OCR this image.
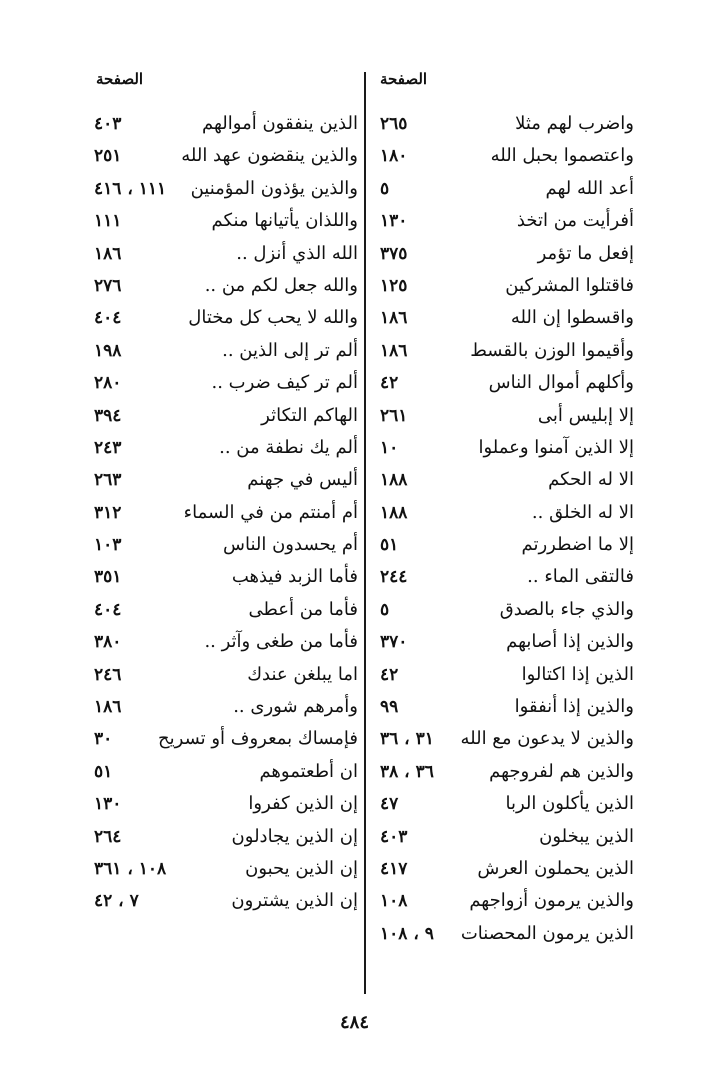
الصفحة
الصفحة
واضرب لهم مثلا
٢٦٥
واعتصموا بحبل الله
١٨٠
أعد الله لهم
٥
أفرأيت من اتخذ
١٣٠
إفعل ما تؤمر
٣٧٥
فاقتلوا المشركين
١٢٥
واقسطوا إن الله
١٨٦
وأقيموا الوزن بالقسط
١٨٦
وأكلهم أموال الناس
٤٢
إلا إبليس أبى
٢٦١
إلا الذين آمنوا وعملوا
١٠
الا له الحكم
١٨٨
الا له الخلق ..
١٨٨
إلا ما اضطررتم
٥١
فالتقى الماء ..
٢٤٤
والذي جاء بالصدق
٥
والذين إذا أصابهم
٣٧٠
الذين إذا اكتالوا
٤٢
والذين إذا أنفقوا
٩٩
والذين لا يدعون مع الله
٣١ ، ٣٦
والذين هم لفروجهم
٣٦ ، ٣٨
الذين يأكلون الربا
٤٧
الذين يبخلون
٤٠٣
الذين يحملون العرش
٤١٧
والذين يرمون أزواجهم
١٠٨
الذين يرمون المحصنات
٩ ، ١٠٨
الذين ينفقون أموالهم
٤٠٣
والذين ينقضون عهد الله
٢٥١
والذين يؤذون المؤمنين
١١١ ، ٤١٦
واللذان يأتيانها منكم
١١١
الله الذي أنزل ..
١٨٦
والله جعل لكم من ..
٢٧٦
والله لا يحب كل مختال
٤٠٤
ألم تر إلى الذين ..
١٩٨
ألم تر كيف ضرب ..
٢٨٠
الهاكم التكاثر
٣٩٤
ألم يك نطفة من ..
٢٤٣
أليس في جهنم
٢٦٣
أم أمنتم من في السماء
٣١٢
أم يحسدون الناس
١٠٣
فأما الزبد فيذهب
٣٥١
فأما من أعطى
٤٠٤
فأما من طغى وآثر ..
٣٨٠
اما يبلغن عندك
٢٤٦
وأمرهم شورى ..
١٨٦
فإمساك بمعروف أو تسريح
٣٠
ان أطعتموهم
٥١
إن الذين كفروا
١٣٠
إن الذين يجادلون
٢٦٤
إن الذين يحبون
١٠٨ ، ٣٦١
إن الذين يشترون
٧ ، ٤٢
٤٨٤
